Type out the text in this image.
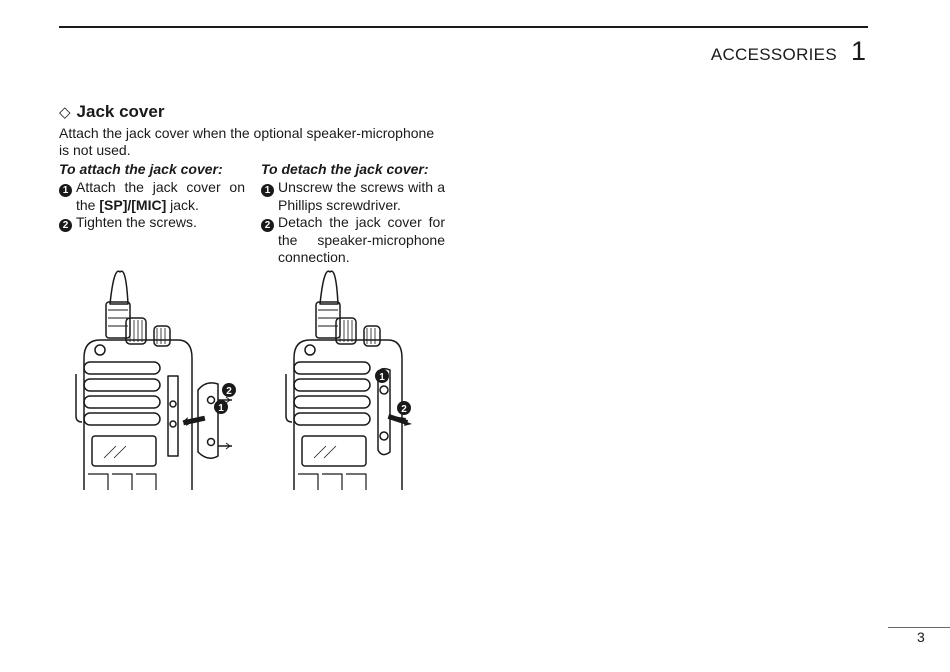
ACCESSORIES 1
◇ Jack cover
Attach the jack cover when the optional speaker-microphone is not used.
To attach the jack cover:
1 Attach the jack cover on the [SP]/[MIC] jack.
2 Tighten the screws.
To detach the jack cover:
1 Unscrew the screws with a Phillips screwdriver.
2 Detach the jack cover for the speaker-microphone connection.
1
2
1
2
3
